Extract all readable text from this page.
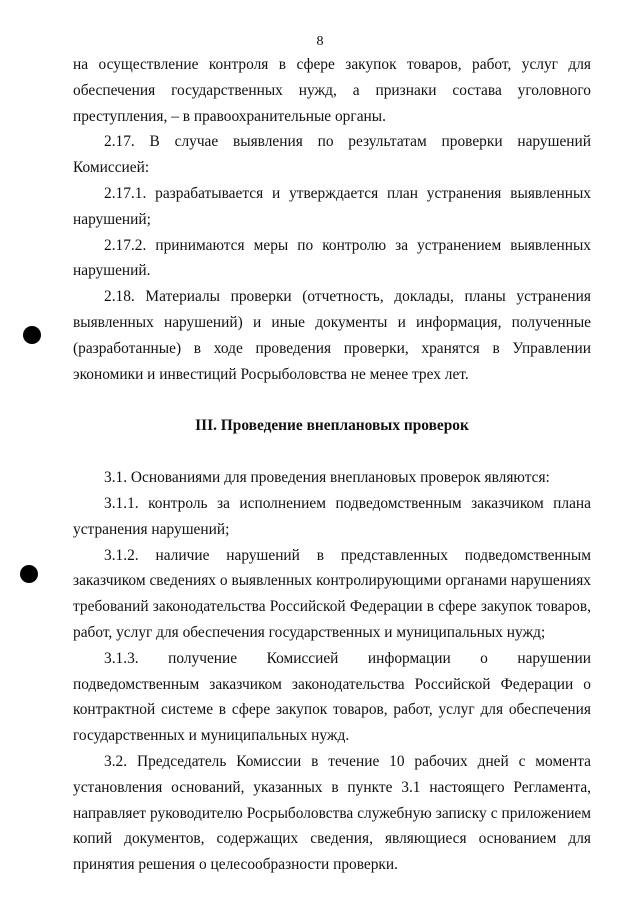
8

на осуществление контроля в сфере закупок товаров, работ, услуг для обеспечения государственных нужд, а признаки состава уголовного преступления, – в правоохранительные органы.

2.17. В случае выявления по результатам проверки нарушений Комиссией:

2.17.1. разрабатывается и утверждается план устранения выявленных нарушений;

2.17.2. принимаются меры по контролю за устранением выявленных нарушений.

2.18. Материалы проверки (отчетность, доклады, планы устранения выявленных нарушений) и иные документы и информация, полученные (разработанные) в ходе проведения проверки, хранятся в Управлении экономики и инвестиций Росрыболовства не менее трех лет.

III. Проведение внеплановых проверок

3.1. Основаниями для проведения внеплановых проверок являются:

3.1.1. контроль за исполнением подведомственным заказчиком плана устранения нарушений;

3.1.2. наличие нарушений в представленных подведомственным заказчиком сведениях о выявленных контролирующими органами нарушениях требований законодательства Российской Федерации в сфере закупок товаров, работ, услуг для обеспечения государственных и муниципальных нужд;

3.1.3. получение Комиссией информации о нарушении подведомственным заказчиком законодательства Российской Федерации о контрактной системе в сфере закупок товаров, работ, услуг для обеспечения государственных и муниципальных нужд.

3.2. Председатель Комиссии в течение 10 рабочих дней с момента установления оснований, указанных в пункте 3.1 настоящего Регламента, направляет руководителю Росрыболовства служебную записку с приложением копий документов, содержащих сведения, являющиеся основанием для принятия решения о целесообразности проверки.
